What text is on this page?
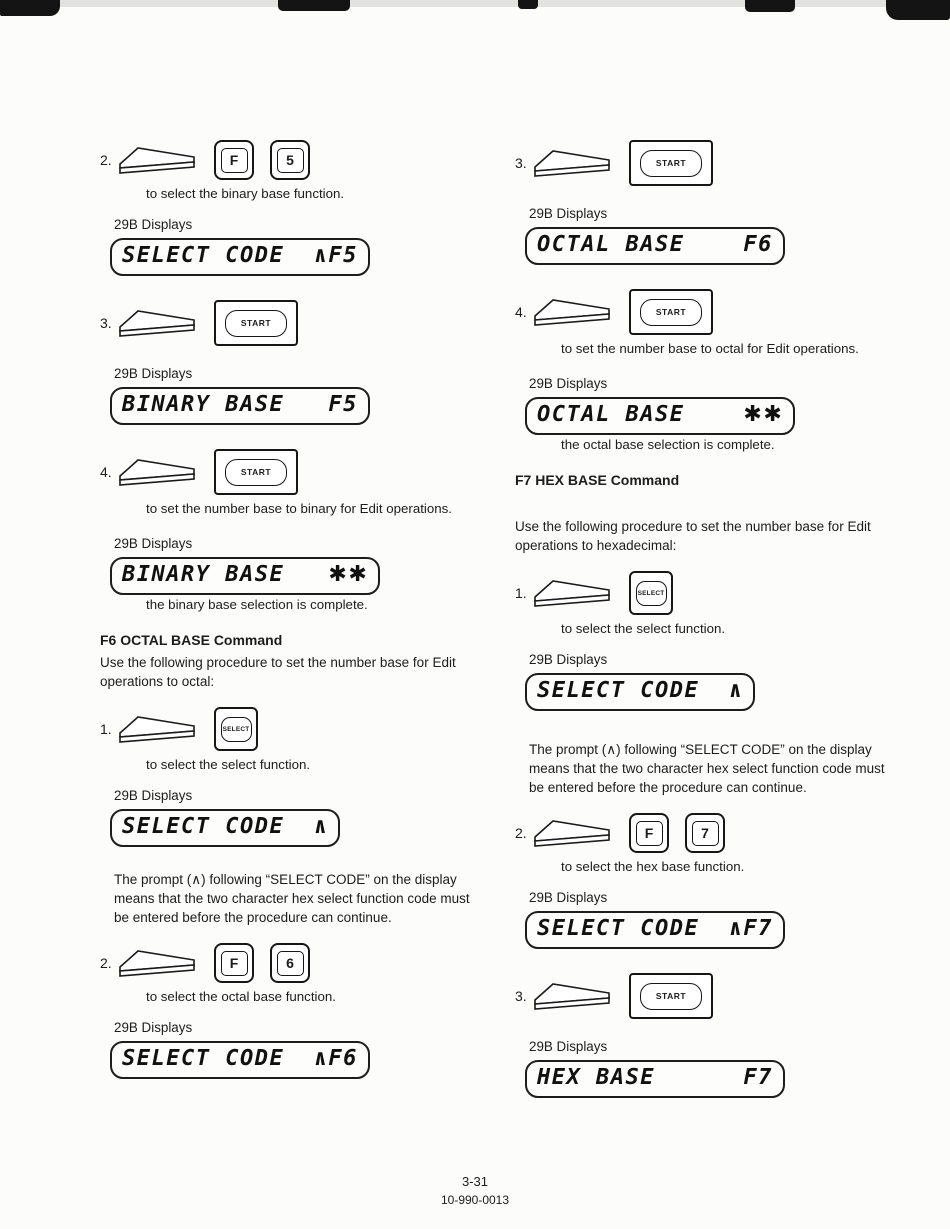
2.	F	5
to select the binary base function.
29B Displays
SELECT CODE  ∧F5
3.	START
29B Displays
BINARY BASE   F5
4.	START
to set the number base to binary for Edit operations.
29B Displays
BINARY BASE   ✱✱
the binary base selection is complete.
F6 OCTAL BASE Command
Use the following procedure to set the number base for Edit operations to octal:
1.	SELECT
to select the select function.
29B Displays
SELECT CODE  ∧
The prompt (∧) following “SELECT CODE” on the display means that the two character hex select function code must be entered before the procedure can continue.
2.	F	6
to select the octal base function.
29B Displays
SELECT CODE  ∧F6
3.	START
29B Displays
OCTAL BASE    F6
4.	START
to set the number base to octal for Edit operations.
29B Displays
OCTAL BASE    ✱✱
the octal base selection is complete.
F7 HEX BASE Command
Use the following procedure to set the number base for Edit operations to hexadecimal:
1.	SELECT
to select the select function.
29B Displays
SELECT CODE  ∧
The prompt (∧) following “SELECT CODE” on the display means that the two character hex select function code must be entered before the procedure can continue.
2.	F	7
to select the hex base function.
29B Displays
SELECT CODE  ∧F7
3.	START
29B Displays
HEX BASE      F7
3-31
10-990-0013
